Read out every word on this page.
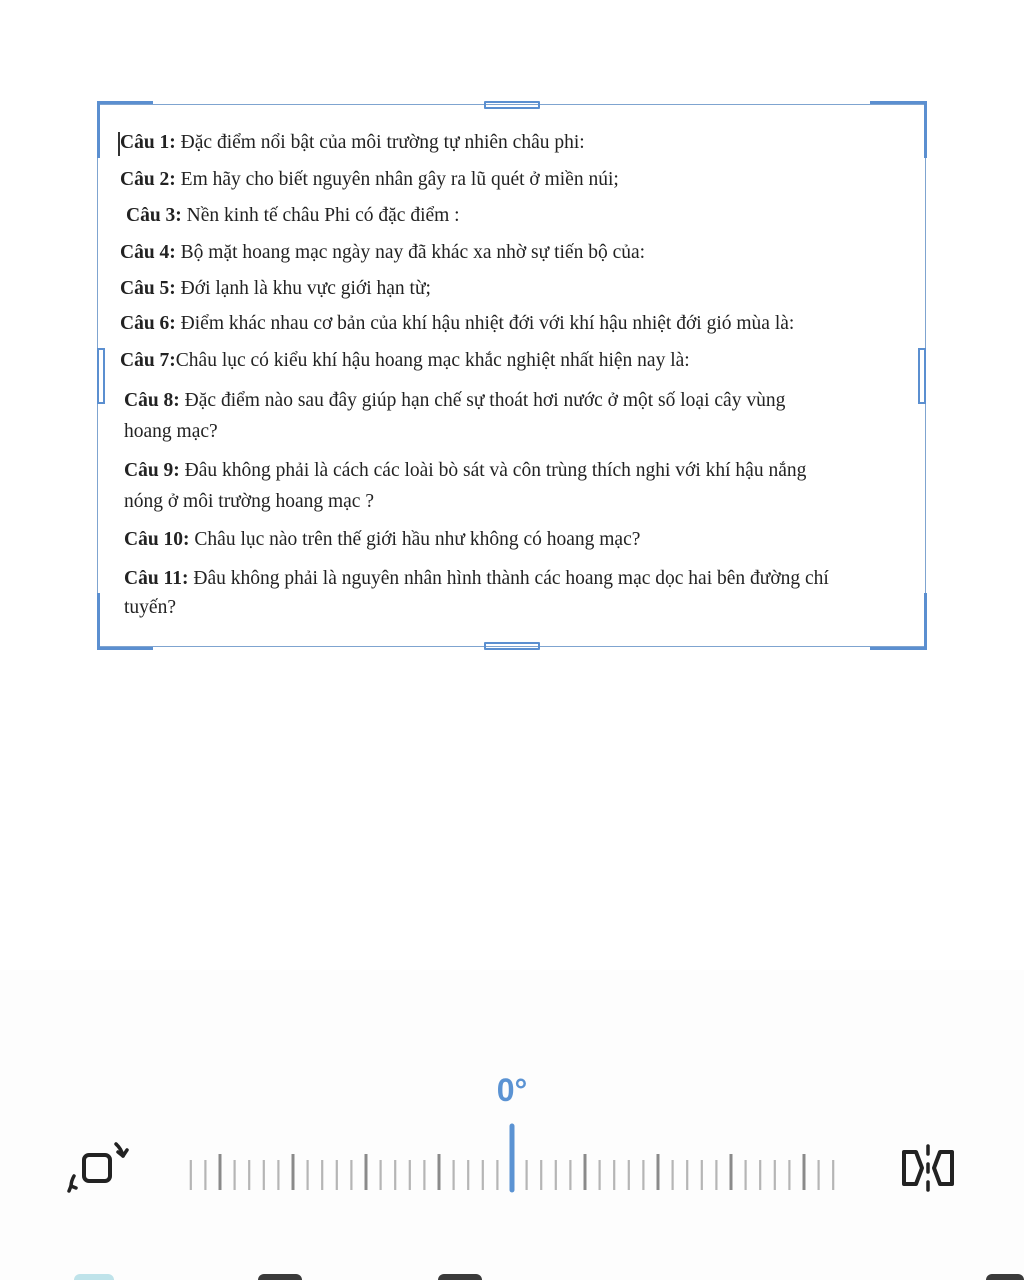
Câu 1: Đặc điểm nổi bật của môi trường tự nhiên châu phi:

Câu 2: Em hãy cho biết nguyên nhân gây ra lũ quét ở miền núi;

Câu 3: Nền kinh tế châu Phi có đặc điểm :

Câu 4: Bộ mặt hoang mạc ngày nay đã khác xa nhờ sự tiến bộ của:

Câu 5: Đới lạnh là khu vực giới hạn từ;

Câu 6: Điểm khác nhau cơ bản của khí hậu nhiệt đới với khí hậu nhiệt đới gió mùa là:

Câu 7:Châu lục có kiểu khí hậu hoang mạc khắc nghiệt nhất hiện nay là:

Câu 8: Đặc điểm nào sau đây giúp hạn chế sự thoát hơi nước ở một số loại cây vùng hoang mạc?

Câu 9: Đâu không phải là cách các loài bò sát và côn trùng thích nghi với khí hậu nắng nóng ở môi trường hoang mạc ?

Câu 10: Châu lục nào trên thế giới hầu như không có hoang mạc?

Câu 11: Đâu không phải là nguyên nhân hình thành các hoang mạc dọc hai bên đường chí tuyến?

0°
